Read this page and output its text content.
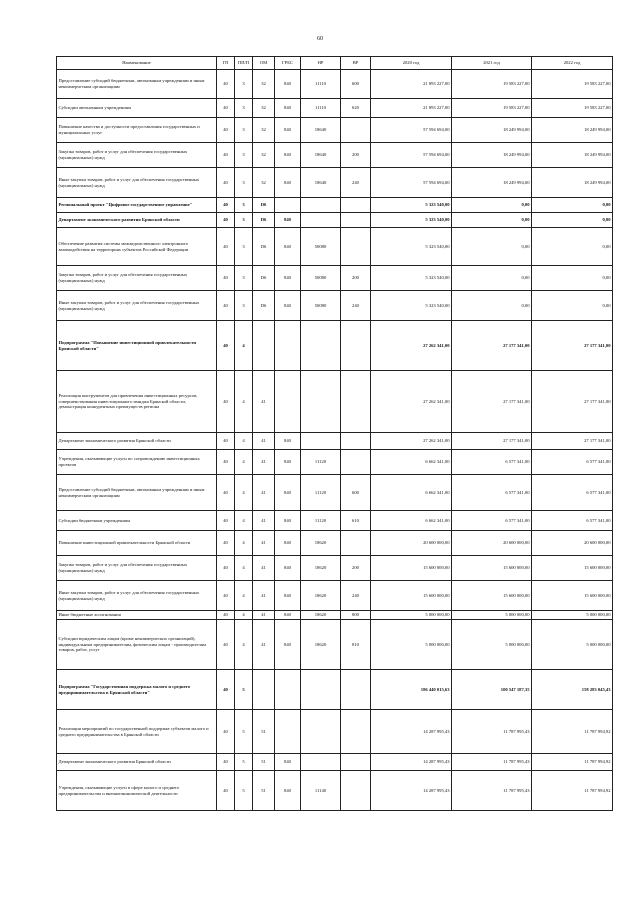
60
Наименование	ГП	ПП/П	ОМ	ГРБС	НР	ВР	2020 год	2021 год	2022 год
Предоставление субсидий бюджетным, автономным учреждениям и иным некоммерческим организациям	40	3	32	840	11110	600	21 893 227,00	19 583 227,00	19 583 227,00
Субсидии автономным учреждениям	40	3	32	840	11110	620	21 893 227,00	19 583 227,00	19 583 227,00
Повышение качества и доступности предоставления государственных и муниципальных услуг	40	3	32	840	18640		57 594 694,00	18 249 994,00	18 249 994,00
Закупка товаров, работ и услуг для обеспечения государственных (муниципальных) нужд	40	3	32	840	18640	200	57 594 694,00	18 249 994,00	18 249 994,00
Иные закупки товаров, работ и услуг для обеспечения государственных (муниципальных) нужд	40	3	32	840	18640	240	57 594 694,00	18 249 994,00	18 249 994,00
Региональный проект "Цифровое государственное управление"	40	3	D6				5 323 540,00	0,00	0,00
Департамент экономического развития Брянской области	40	3	D6	840			5 323 540,00	0,00	0,00
Обеспечение развития системы межведомственного электронного взаимодействия на территориях субъектов Российской Федерации	40	3	D6	840	50080		5 323 540,00	0,00	0,00
Закупка товаров, работ и услуг для обеспечения государственных (муниципальных) нужд	40	3	D6	840	50080	200	5 323 540,00	0,00	0,00
Иные закупки товаров, работ и услуг для обеспечения государственных (муниципальных) нужд	40	3	D6	840	50080	240	5 323 540,00	0,00	0,00
Подпрограмма "Повышение инвестиционной привлекательности Брянской области"	40	4					27 262 341,00	27 177 341,00	27 177 341,00
Реализация инструментов для привлечения инвестиционных ресурсов, совершенствования инвестиционного имиджа Брянской области, демонстрация конкурентных преимуществ региона	40	4	41				27 262 341,00	27 177 341,00	27 177 341,00
Департамент экономического развития Брянской области	40	4	41	840			27 262 341,00	27 177 341,00	27 177 341,00
Учреждения, оказывающие услуги по сопровождению инвестиционных проектов	40	4	41	840	11120		6 662 341,00	6 577 341,00	6 577 341,00
Предоставление субсидий бюджетным, автономным учреждениям и иным некоммерческим организациям	40	4	41	840	11120	600	6 662 341,00	6 577 341,00	6 577 341,00
Субсидии бюджетным учреждениям	40	4	41	840	11120	610	6 662 341,00	6 577 341,00	6 577 341,00
Повышение инвестиционной привлекательности Брянской области	40	4	41	840	18620		20 600 000,00	20 600 000,00	20 600 000,00
Закупка товаров, работ и услуг для обеспечения государственных (муниципальных) нужд	40	4	41	840	18620	200	15 600 000,00	15 600 000,00	15 600 000,00
Иные закупки товаров, работ и услуг для обеспечения государственных (муниципальных) нужд	40	4	41	840	18620	240	15 600 000,00	15 600 000,00	15 600 000,00
Иные бюджетные ассигнования	40	4	41	840	18620	800	5 000 000,00	5 000 000,00	5 000 000,00
Субсидии юридическим лицам (кроме некоммерческих организаций), индивидуальным предпринимателям, физическим лицам - производителям товаров, работ, услуг	40	4	41	840	18620	810	5 000 000,00	5 000 000,00	5 000 000,00
Подпрограмма "Государственная поддержка малого и среднего предпринимательства в Брянской области"	40	5					186 440 015,63	100 547 187,35	158 283 045,43
Реализация мероприятий по государственной поддержке субъектов малого и среднего предпринимательства в Брянской области	40	5	51				14 287 995,43	11 787 995,43	11 787 994,92
Департамент экономического развития Брянской области	40	5	51	840			14 287 995,43	11 787 995,43	11 787 994,92
Учреждения, оказывающие услуги в сфере малого и среднего предпринимательства и внешнеэкономической деятельности	40	5	51	840	11140		14 287 995,43	11 787 995,43	11 787 994,92
